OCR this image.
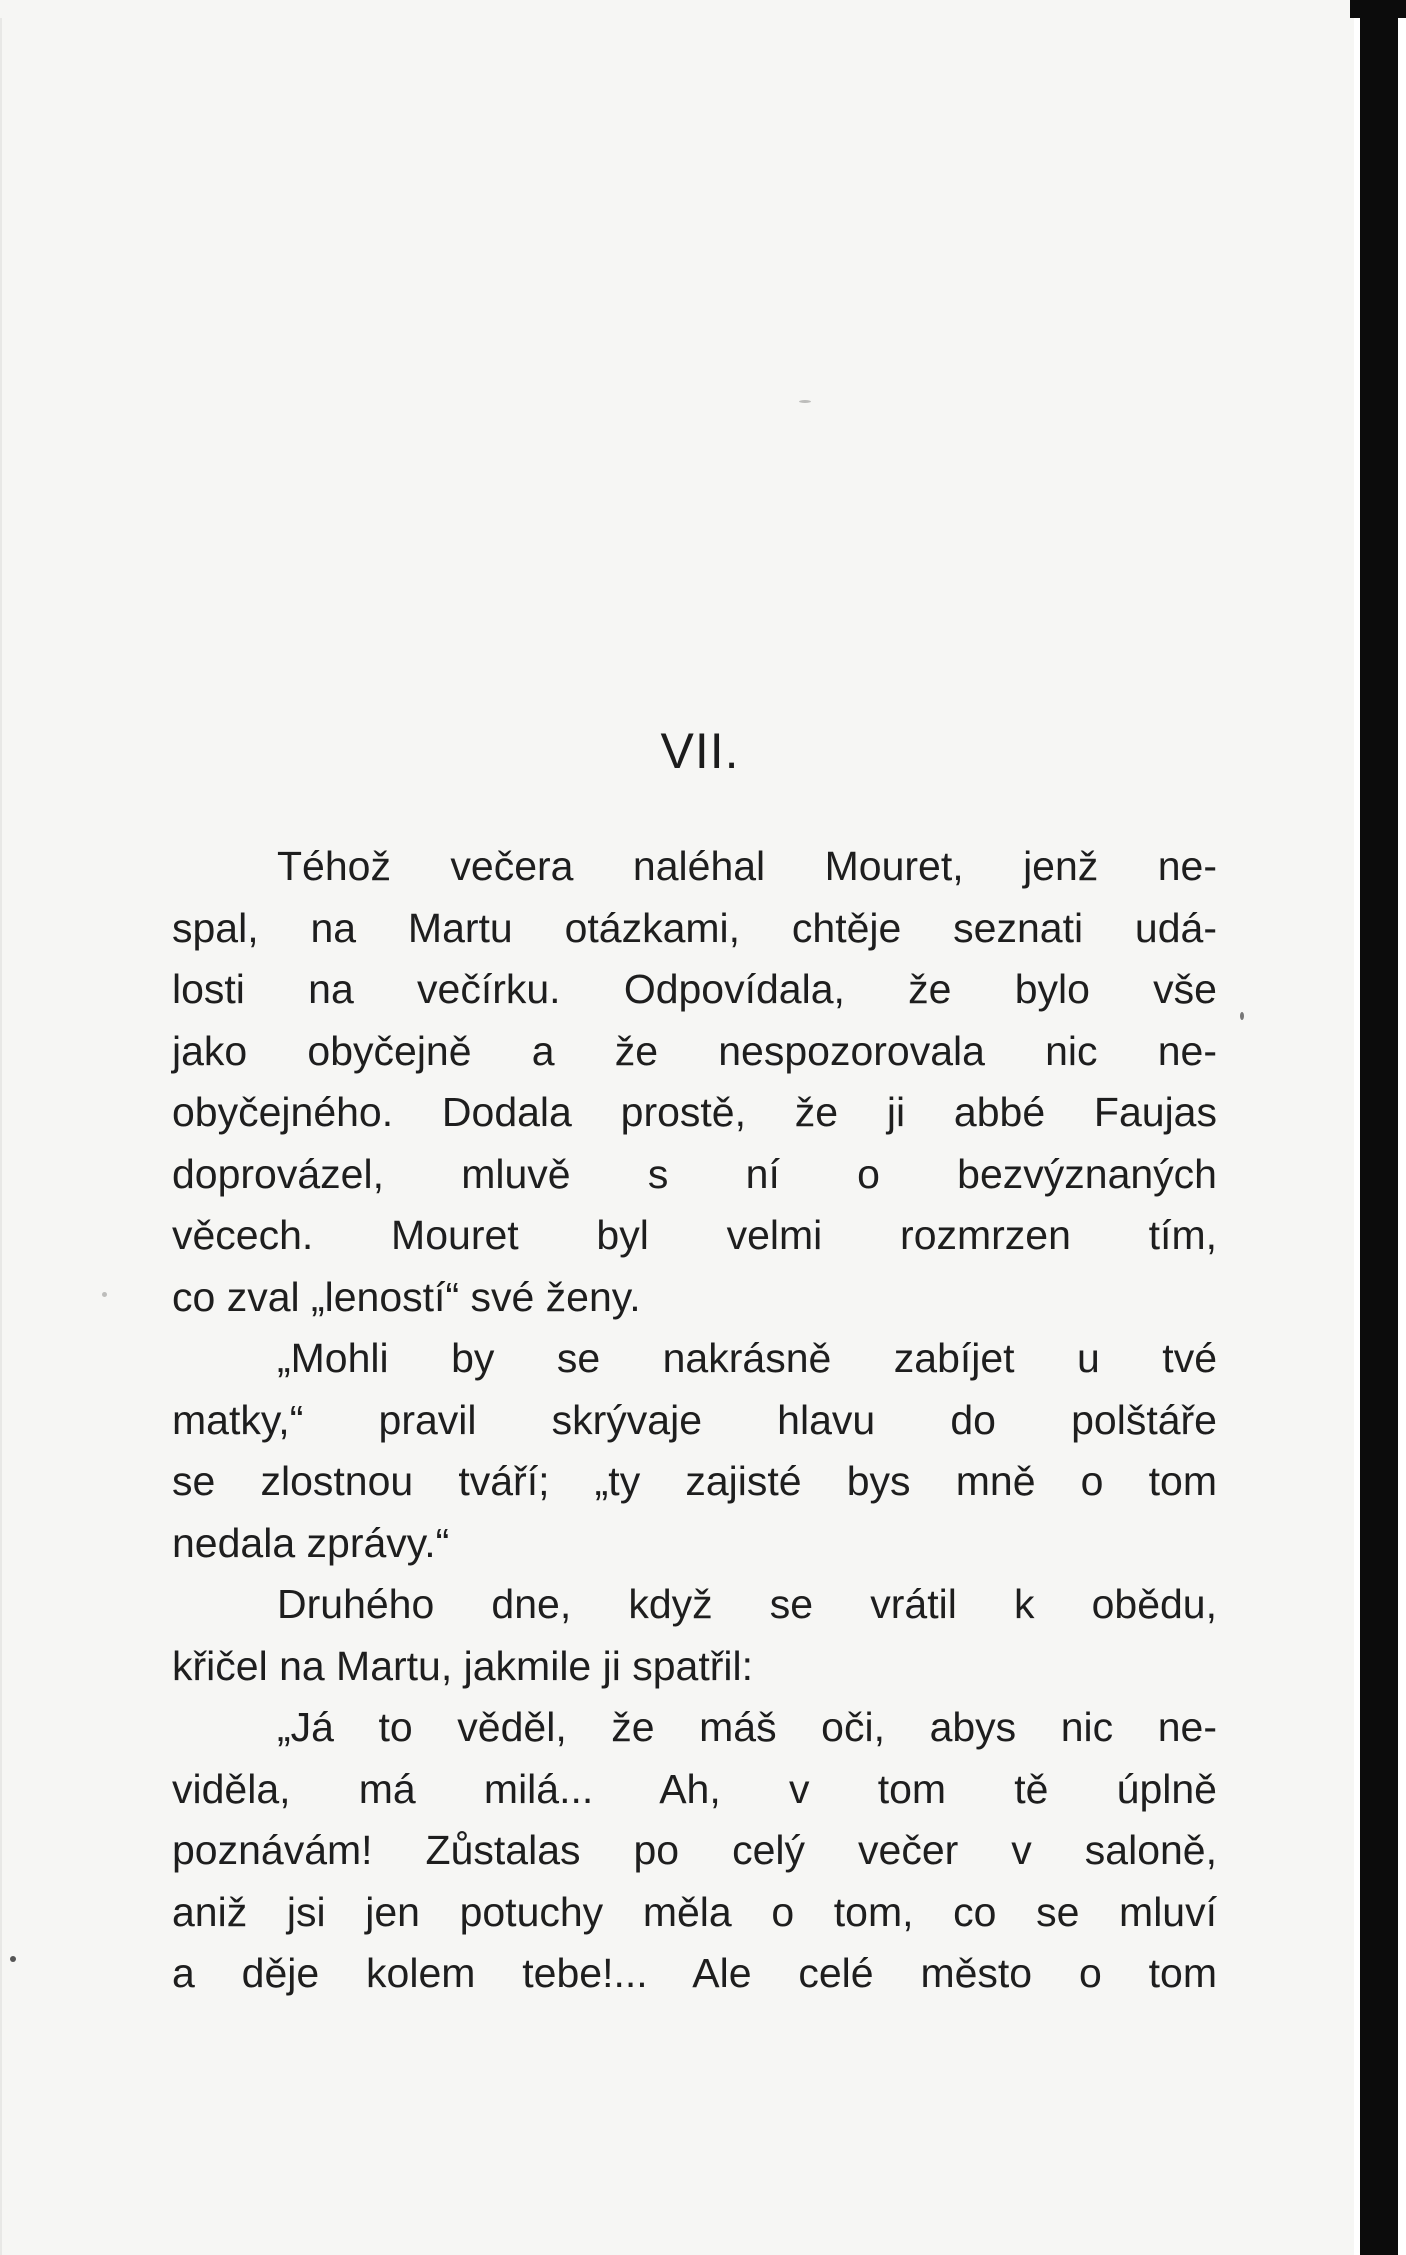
VII.
Téhož večera naléhal Mouret, jenž ne-
spal, na Martu otázkami, chtěje seznati udá-
losti na večírku. Odpovídala, že bylo vše
jako obyčejně a že nespozorovala nic ne-
obyčejného. Dodala prostě, že ji abbé Faujas
doprovázel, mluvě s ní o bezvýznaných
věcech. Mouret byl velmi rozmrzen tím,
co zval „leností“ své ženy.
„Mohli by se nakrásně zabíjet u tvé
matky,“ pravil skrývaje hlavu do polštáře
se zlostnou tváří; „ty zajisté bys mně o tom
nedala zprávy.“
Druhého dne, když se vrátil k obědu,
křičel na Martu, jakmile ji spatřil:
„Já to věděl, že máš oči, abys nic ne-
viděla, má milá... Ah, v tom tě úplně
poznávám! Zůstalas po celý večer v saloně,
aniž jsi jen potuchy měla o tom, co se mluví
a děje kolem tebe!... Ale celé město o tom
